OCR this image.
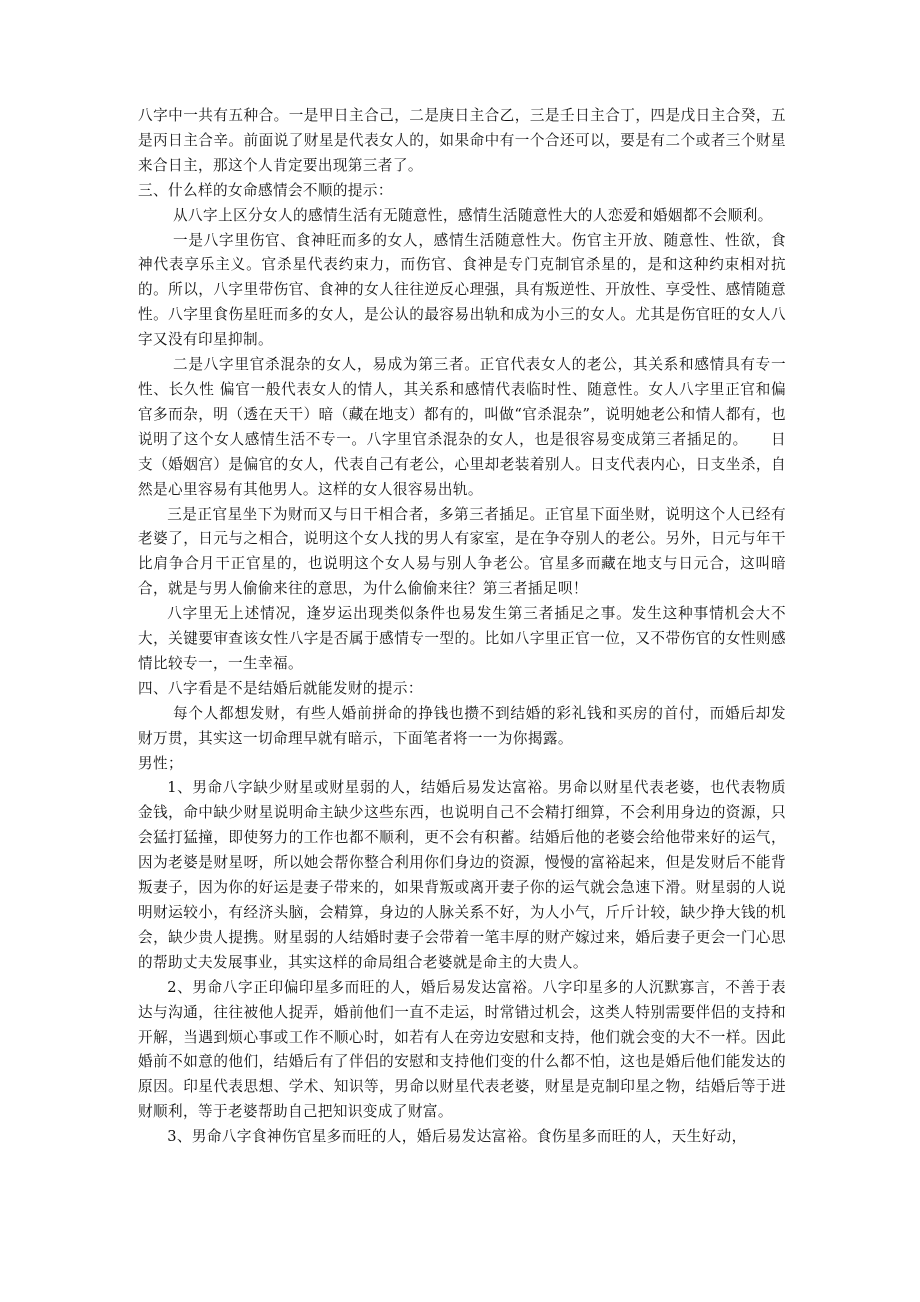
八字中一共有五种合。一是甲日主合己，二是庚日主合乙，三是壬日主合丁，四是戊日主合癸，五是丙日主合辛。前面说了财星是代表女人的，如果命中有一个合还可以，要是有二个或者三个财星来合日主，那这个人肯定要出现第三者了。

三、什么样的女命感情会不顺的提示：

从八字上区分女人的感情生活有无随意性，感情生活随意性大的人恋爱和婚姻都不会顺利。

一是八字里伤官、食神旺而多的女人，感情生活随意性大。伤官主开放、随意性、性欲，食神代表享乐主义。官杀星代表约束力，而伤官、食神是专门克制官杀星的，是和这种约束相对抗的。所以，八字里带伤官、食神的女人往往逆反心理强，具有叛逆性、开放性、享受性、感情随意性。八字里食伤星旺而多的女人，是公认的最容易出轨和成为小三的女人。尤其是伤官旺的女人八字又没有印星抑制。

二是八字里官杀混杂的女人，易成为第三者。正官代表女人的老公，其关系和感情具有专一性、长久性 偏官一般代表女人的情人，其关系和感情代表临时性、随意性。女人八字里正官和偏官多而杂，明（透在天干）暗（藏在地支）都有的，叫做“官杀混杂”，说明她老公和情人都有，也说明了这个女人感情生活不专一。八字里官杀混杂的女人，也是很容易变成第三者插足的。　　日支（婚姻宫）是偏官的女人，代表自己有老公，心里却老装着别人。日支代表内心，日支坐杀，自然是心里容易有其他男人。这样的女人很容易出轨。

三是正官星坐下为财而又与日干相合者，多第三者插足。正官星下面坐财，说明这个人已经有老婆了，日元与之相合，说明这个女人找的男人有家室，是在争夺别人的老公。另外，日元与年干比肩争合月干正官星的，也说明这个女人易与别人争老公。官星多而藏在地支与日元合，这叫暗合，就是与男人偷偷来往的意思，为什么偷偷来往？第三者插足呗！

八字里无上述情况，逢岁运出现类似条件也易发生第三者插足之事。发生这种事情机会大不大，关键要审查该女性八字是否属于感情专一型的。比如八字里正官一位，又不带伤官的女性则感情比较专一，一生幸福。

四、八字看是不是结婚后就能发财的提示：

每个人都想发财，有些人婚前拼命的挣钱也攒不到结婚的彩礼钱和买房的首付，而婚后却发财万贯，其实这一切命理早就有暗示，下面笔者将一一为你揭露。

男性；

1、男命八字缺少财星或财星弱的人，结婚后易发达富裕。男命以财星代表老婆，也代表物质金钱，命中缺少财星说明命主缺少这些东西，也说明自己不会精打细算，不会利用身边的资源，只会猛打猛撞，即使努力的工作也都不顺利，更不会有积蓄。结婚后他的老婆会给他带来好的运气，因为老婆是财星呀，所以她会帮你整合利用你们身边的资源，慢慢的富裕起来，但是发财后不能背叛妻子，因为你的好运是妻子带来的，如果背叛或离开妻子你的运气就会急速下滑。财星弱的人说明财运较小，有经济头脑，会精算，身边的人脉关系不好，为人小气，斤斤计较，缺少挣大钱的机会，缺少贵人提携。财星弱的人结婚时妻子会带着一笔丰厚的财产嫁过来，婚后妻子更会一门心思的帮助丈夫发展事业，其实这样的命局组合老婆就是命主的大贵人。

2、男命八字正印偏印星多而旺的人，婚后易发达富裕。八字印星多的人沉默寡言，不善于表达与沟通，往往被他人捉弄，婚前他们一直不走运，时常错过机会，这类人特别需要伴侣的支持和开解，当遇到烦心事或工作不顺心时，如若有人在旁边安慰和支持，他们就会变的大不一样。因此婚前不如意的他们，结婚后有了伴侣的安慰和支持他们变的什么都不怕，这也是婚后他们能发达的原因。印星代表思想、学术、知识等，男命以财星代表老婆，财星是克制印星之物，结婚后等于进财顺利，等于老婆帮助自己把知识变成了财富。

3、男命八字食神伤官星多而旺的人，婚后易发达富裕。食伤星多而旺的人，天生好动，
